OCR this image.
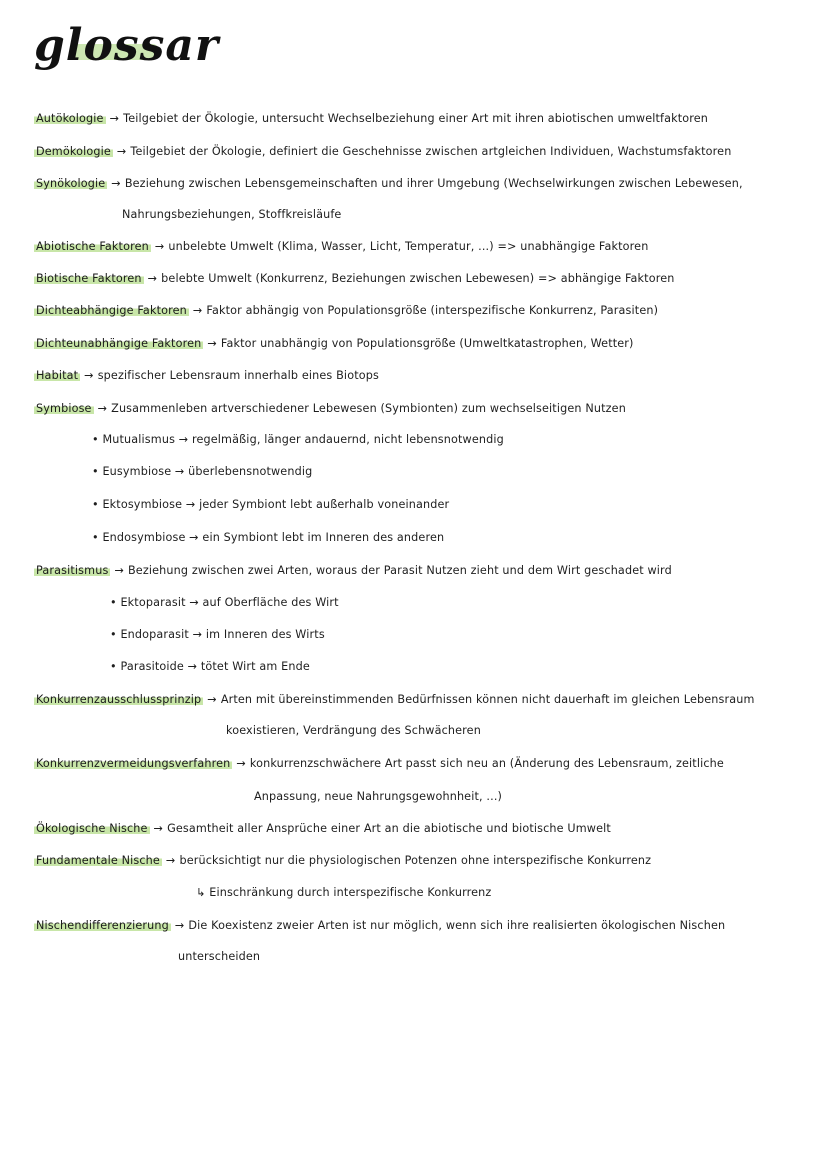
glossar
Autökologie → Teilgebiet der Ökologie, untersucht Wechselbeziehung einer Art mit ihren abiotischen umweltfaktoren
Demökologie → Teilgebiet der Ökologie, definiert die Geschehnisse zwischen artgleichen Individuen, Wachstumsfaktoren
Synökologie → Beziehung zwischen Lebensgemeinschaften und ihrer Umgebung (Wechselwirkungen zwischen Lebewesen,
Nahrungsbeziehungen, Stoffkreisläufe
Abiotische Faktoren → unbelebte Umwelt (Klima, Wasser, Licht, Temperatur, ...) => unabhängige Faktoren
Biotische Faktoren → belebte Umwelt (Konkurrenz, Beziehungen zwischen Lebewesen) => abhängige Faktoren
Dichteabhängige Faktoren → Faktor abhängig von Populationsgröße (interspezifische Konkurrenz, Parasiten)
Dichteunabhängige Faktoren → Faktor unabhängig von Populationsgröße (Umweltkatastrophen, Wetter)
Habitat → spezifischer Lebensraum innerhalb eines Biotops
Symbiose → Zusammenleben artverschiedener Lebewesen (Symbionten) zum wechselseitigen Nutzen
• Mutualismus → regelmäßig, länger andauernd, nicht lebensnotwendig
• Eusymbiose → überlebensnotwendig
• Ektosymbiose → jeder Symbiont lebt außerhalb voneinander
• Endosymbiose → ein Symbiont lebt im Inneren des anderen
Parasitismus → Beziehung zwischen zwei Arten, woraus der Parasit Nutzen zieht und dem Wirt geschadet wird
• Ektoparasit → auf Oberfläche des Wirt
• Endoparasit → im Inneren des Wirts
• Parasitoide → tötet Wirt am Ende
Konkurrenzausschlussprinzip → Arten mit übereinstimmenden Bedürfnissen können nicht dauerhaft im gleichen Lebensraum
koexistieren, Verdrängung des Schwächeren
Konkurrenzvermeidungsverfahren → konkurrenzschwächere Art passt sich neu an (Änderung des Lebensraum, zeitliche
Anpassung, neue Nahrungsgewohnheit, ...)
Ökologische Nische → Gesamtheit aller Ansprüche einer Art an die abiotische und biotische Umwelt
Fundamentale Nische → berücksichtigt nur die physiologischen Potenzen ohne interspezifische Konkurrenz
↳ Einschränkung durch interspezifische Konkurrenz
Nischendifferenzierung → Die Koexistenz zweier Arten ist nur möglich, wenn sich ihre realisierten ökologischen Nischen
unterscheiden
